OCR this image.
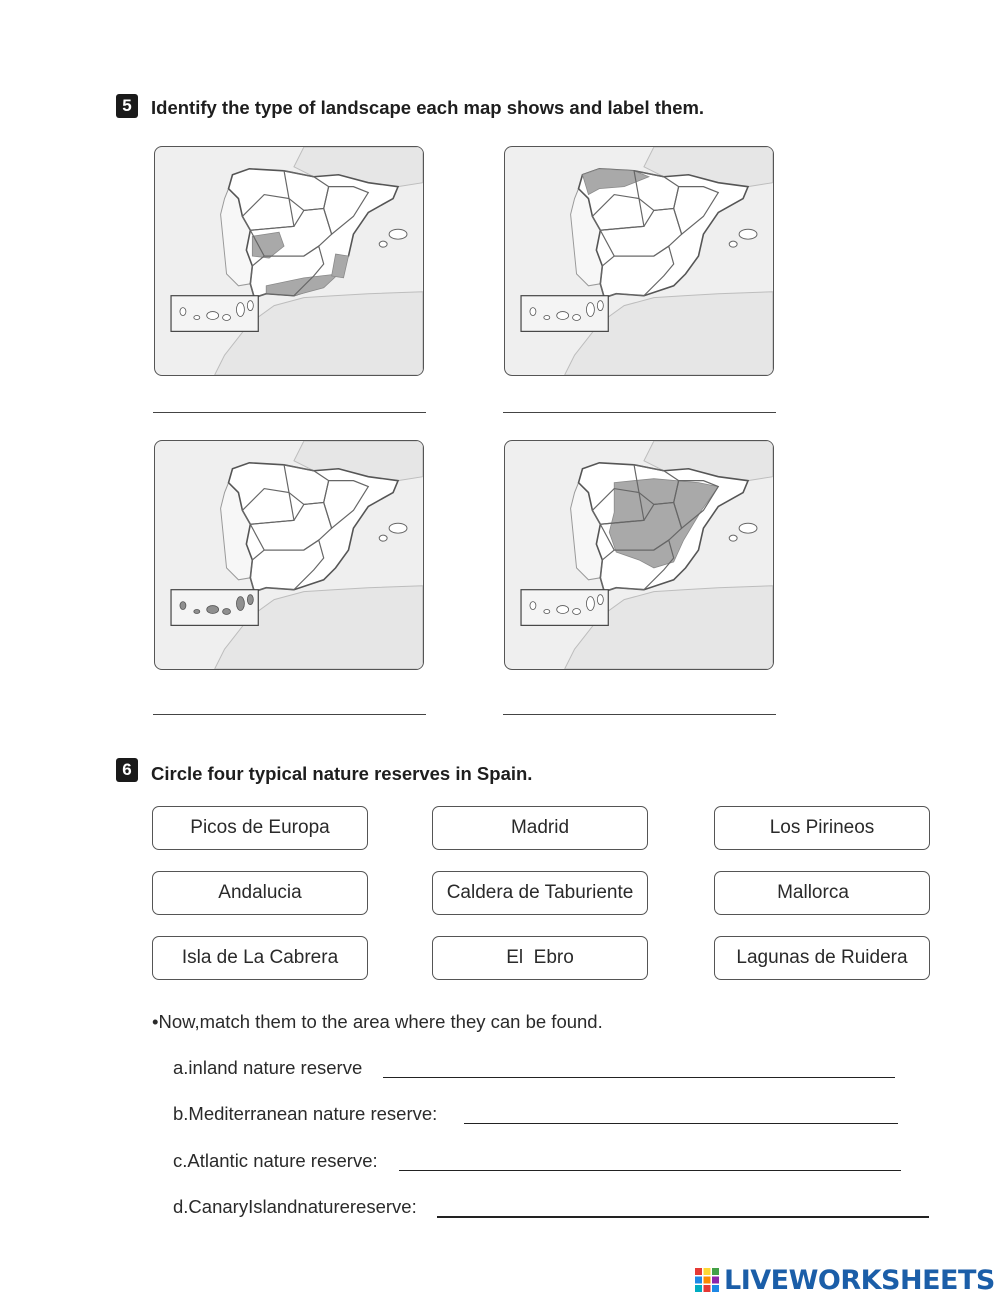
5	Identify the type of landscape each map shows and label them.
6	Circle four typical nature reserves in Spain.
Picos de Europa	Madrid	Los Pirineos
Andalucia	Caldera de Taburiente	Mallorca
Isla de La Cabrera	El  Ebro	Lagunas de Ruidera
•Now,match them to the area where they can be found.
a.inland nature reserve
b.Mediterranean nature reserve:
c.Atlantic nature reserve:
d.CanaryIslandnaturereserve:
LIVEWORKSHEETS
